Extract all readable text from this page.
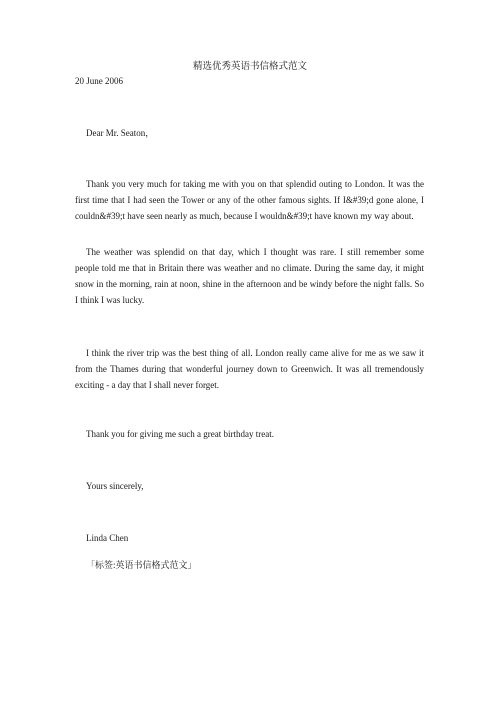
精选优秀英语书信格式范文
20 June 2006

Dear Mr. Seaton，

Thank you very much for taking me with you on that splendid outing to London. It was the first time that I had seen the Tower or any of the other famous sights. If I&#39;d gone alone, I couldn&#39;t have seen nearly as much, because I wouldn&#39;t have known my way about.

The weather was splendid on that day, which I thought was rare. I still remember some people told me that in Britain there was weather and no climate. During the same day, it might snow in the morning, rain at noon, shine in the afternoon and be windy before the night falls. So I think I was lucky.

I think the river trip was the best thing of all. London really came alive for me as we saw it from the Thames during that wonderful journey down to Greenwich. It was all tremendously exciting - a day that I shall never forget.

Thank you for giving me such a great birthday treat.

Yours sincerely,

Linda Chen

「标签:英语书信格式范文」
